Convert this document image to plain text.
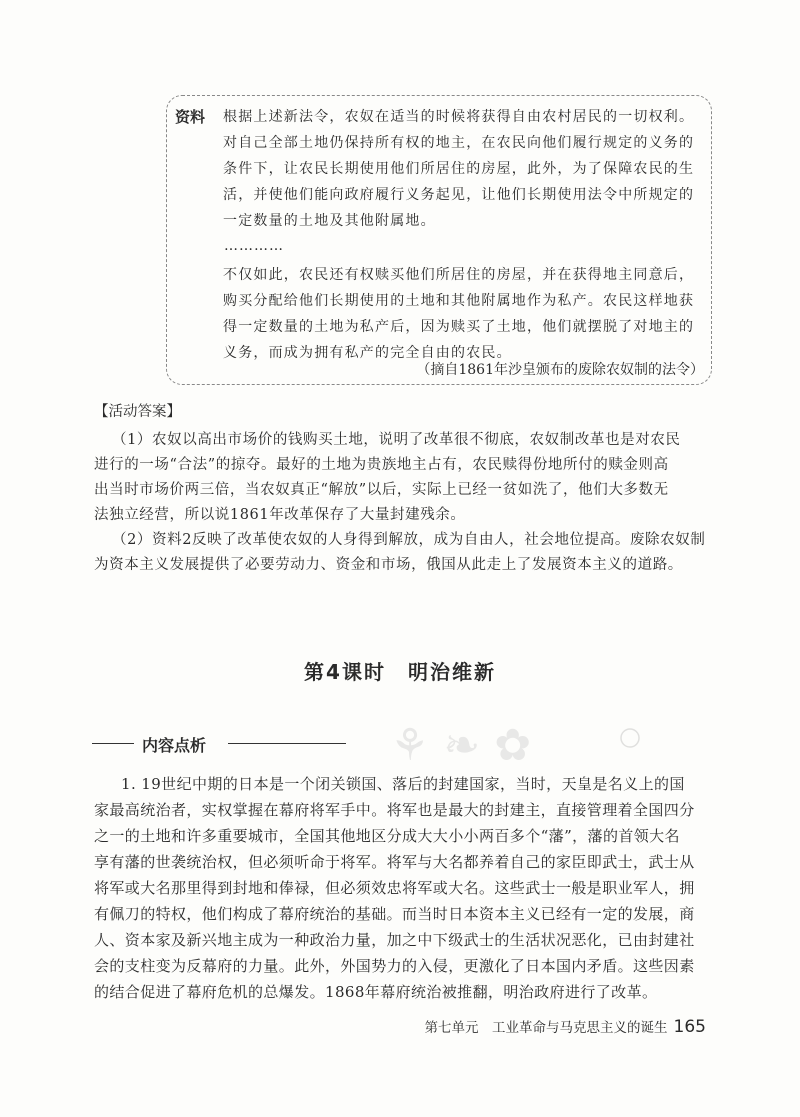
资料 根据上述新法令，农奴在适当的时候将获得自由农村居民的一切权利。
对自己全部土地仍保持所有权的地主，在农民向他们履行规定的义务的
条件下，让农民长期使用他们所居住的房屋，此外，为了保障农民的生
活，并使他们能向政府履行义务起见，让他们长期使用法令中所规定的
一定数量的土地及其他附属地。
…………
不仅如此，农民还有权赎买他们所居住的房屋，并在获得地主同意后，
购买分配给他们长期使用的土地和其他附属地作为私产。农民这样地获
得一定数量的土地为私产后，因为赎买了土地，他们就摆脱了对地主的
义务，而成为拥有私产的完全自由的农民。
（摘自1861年沙皇颁布的废除农奴制的法令）
【活动答案】
（1）农奴以高出市场价的钱购买土地，说明了改革很不彻底，农奴制改革也是对农民
进行的一场“合法”的掠夺。最好的土地为贵族地主占有，农民赎得份地所付的赎金则高
出当时市场价两三倍，当农奴真正“解放”以后，实际上已经一贫如洗了，他们大多数无
法独立经营，所以说1861年改革保存了大量封建残余。
（2）资料2反映了改革使农奴的人身得到解放，成为自由人，社会地位提高。废除农奴制
为资本主义发展提供了必要劳动力、资金和市场，俄国从此走上了发展资本主义的道路。
第4课时　明治维新
内容点析	⚘ ❧ ✿
1. 19世纪中期的日本是一个闭关锁国、落后的封建国家，当时，天皇是名义上的国
家最高统治者，实权掌握在幕府将军手中。将军也是最大的封建主，直接管理着全国四分
之一的土地和许多重要城市，全国其他地区分成大大小小两百多个“藩”，藩的首领大名
享有藩的世袭统治权，但必须听命于将军。将军与大名都养着自己的家臣即武士，武士从
将军或大名那里得到封地和俸禄，但必须效忠将军或大名。这些武士一般是职业军人，拥
有佩刀的特权，他们构成了幕府统治的基础。而当时日本资本主义已经有一定的发展，商
人、资本家及新兴地主成为一种政治力量，加之中下级武士的生活状况恶化，已由封建社
会的支柱变为反幕府的力量。此外，外国势力的入侵，更激化了日本国内矛盾。这些因素
的结合促进了幕府危机的总爆发。1868年幕府统治被推翻，明治政府进行了改革。
第七单元　工业革命与马克思主义的诞生 165
